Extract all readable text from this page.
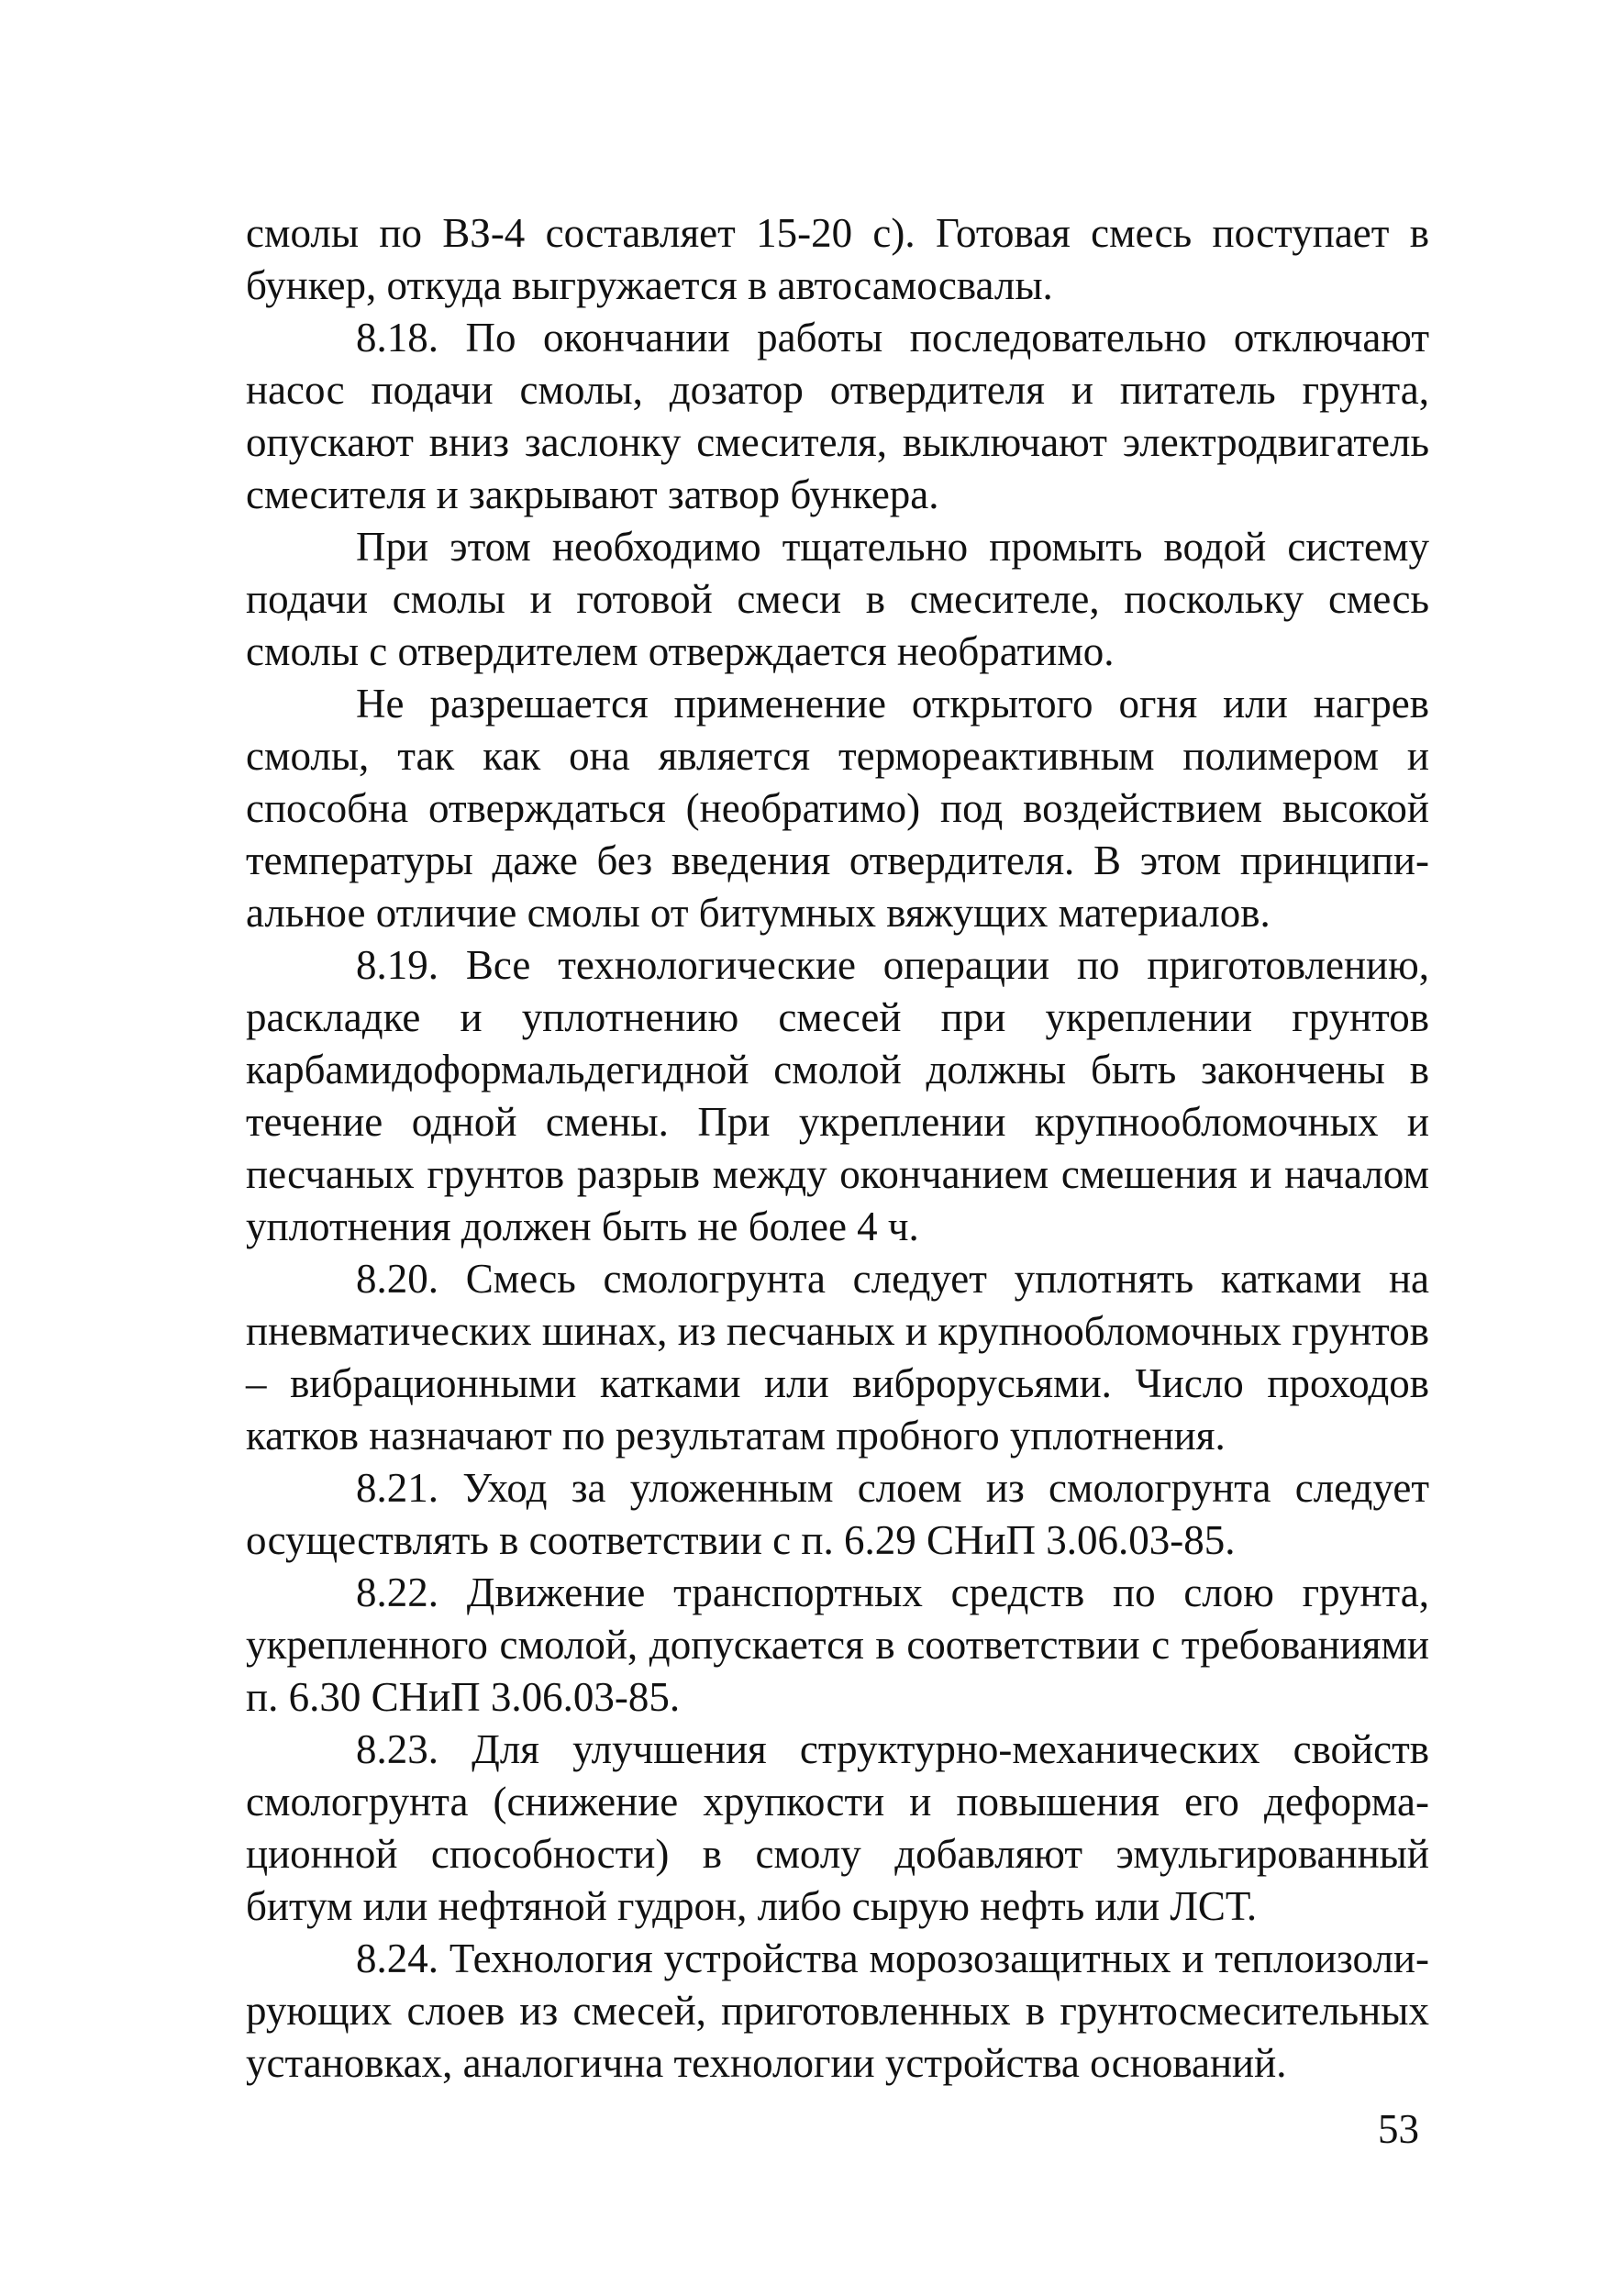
смолы по ВЗ-4 составляет 15-20 с). Готовая смесь поступает в бункер, откуда выгружается в автосамосвалы.

8.18. По окончании работы последовательно отключают насос подачи смолы, дозатор отвердителя и питатель грунта, опускают вниз заслонку смесителя, выключают электродвигатель смесителя и закрывают затвор бункера.

При этом необходимо тщательно промыть водой систему подачи смолы и готовой смеси в смесителе, поскольку смесь смолы с отвердителем отверждается необратимо.

Не разрешается применение открытого огня или нагрев смолы, так как она является термореактивным полимером и способна отверждаться (необратимо) под воздействием высокой температуры даже без введения отвердителя. В этом принципиальное отличие смолы от битумных вяжущих материалов.

8.19. Все технологические операции по приготовлению, раскладке и уплотнению смесей при укреплении грунтов карбамидоформальдегидной смолой должны быть закончены в течение одной смены. При укреплении крупнообломочных и песчаных грунтов разрыв между окончанием смешения и началом уплотнения должен быть не более 4 ч.

8.20. Смесь смологрунта следует уплотнять катками на пневматических шинах, из песчаных и крупнообломочных грунтов – вибрационными катками или виброрусьями. Число проходов катков назначают по результатам пробного уплотнения.

8.21. Уход за уложенным слоем из смологрунта следует осуществлять в соответствии с п. 6.29 СНиП 3.06.03-85.

8.22. Движение транспортных средств по слою грунта, укрепленного смолой, допускается в соответствии с требованиями п. 6.30 СНиП 3.06.03-85.

8.23. Для улучшения структурно-механических свойств смологрунта (снижение хрупкости и повышения его деформационной способности) в смолу добавляют эмульгированный битум или нефтяной гудрон, либо сырую нефть или ЛСТ.

8.24. Технология устройства морозозащитных и теплоизолирующих слоев из смесей, приготовленных в грунтосмесительных установках, аналогична технологии устройства оснований.

53
